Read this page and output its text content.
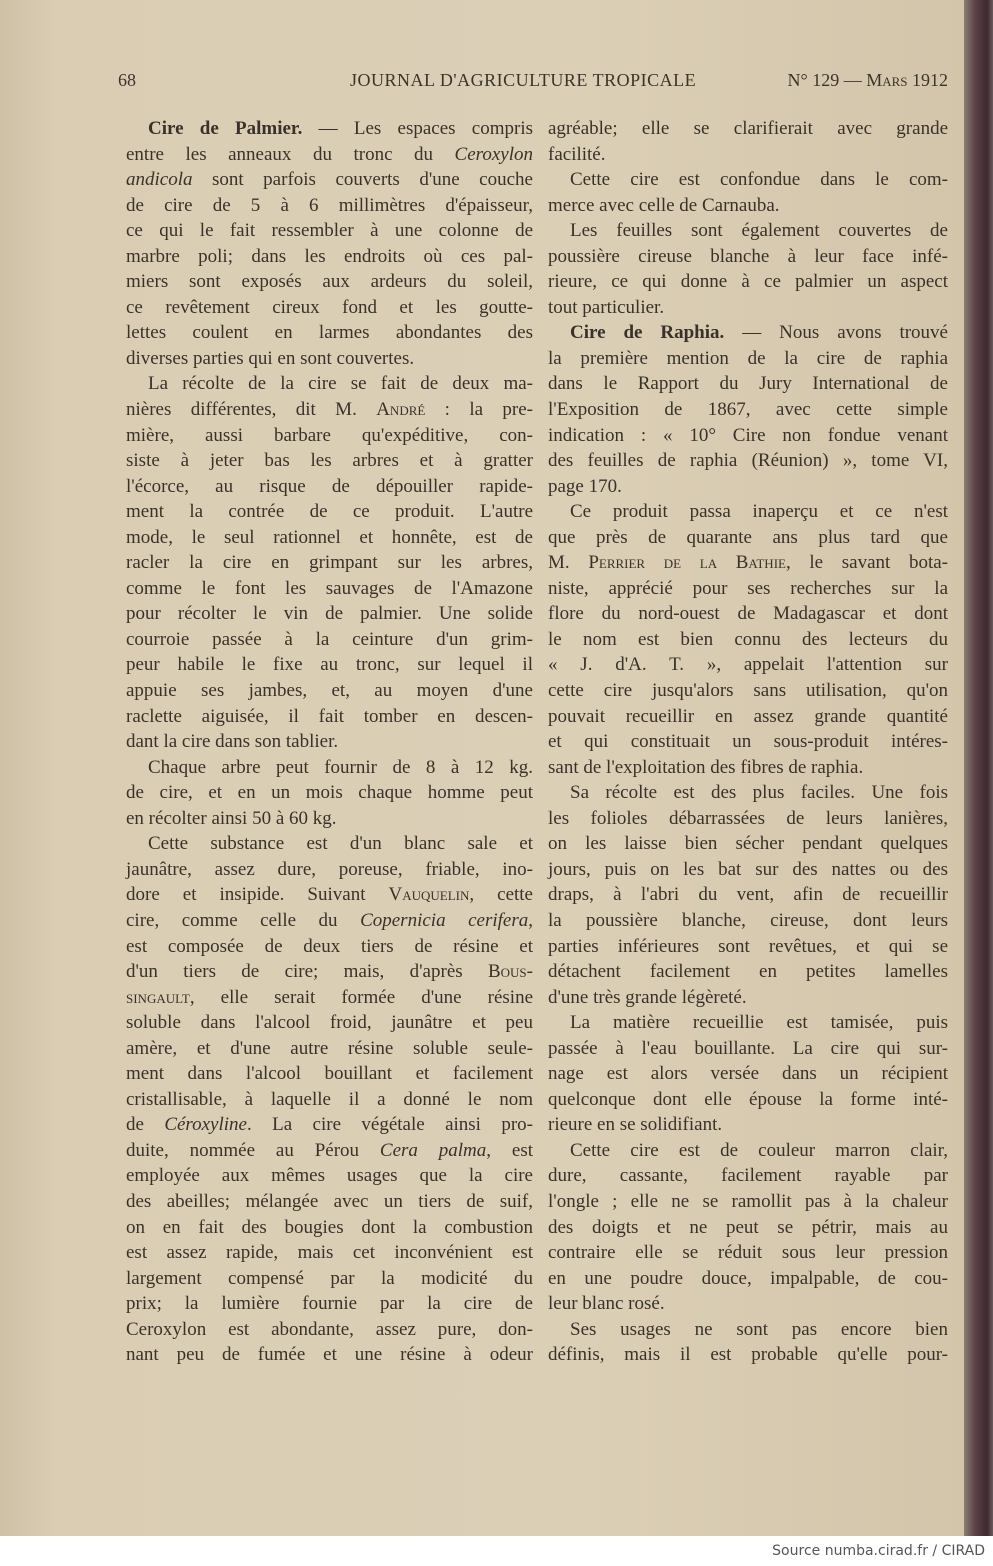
68	JOURNAL D'AGRICULTURE TROPICALE	N° 129 — Mars 1912
Cire de Palmier. — Les espaces compris
entre les anneaux du tronc du Ceroxylon
andicola sont parfois couverts d'une couche
de cire de 5 à 6 millimètres d'épaisseur,
ce qui le fait ressembler à une colonne de
marbre poli; dans les endroits où ces pal-
miers sont exposés aux ardeurs du soleil,
ce revêtement cireux fond et les goutte-
lettes coulent en larmes abondantes des
diverses parties qui en sont couvertes.
La récolte de la cire se fait de deux ma-
nières différentes, dit M. André : la pre-
mière, aussi barbare qu'expéditive, con-
siste à jeter bas les arbres et à gratter
l'écorce, au risque de dépouiller rapide-
ment la contrée de ce produit. L'autre
mode, le seul rationnel et honnête, est de
racler la cire en grimpant sur les arbres,
comme le font les sauvages de l'Amazone
pour récolter le vin de palmier. Une solide
courroie passée à la ceinture d'un grim-
peur habile le fixe au tronc, sur lequel il
appuie ses jambes, et, au moyen d'une
raclette aiguisée, il fait tomber en descen-
dant la cire dans son tablier.
Chaque arbre peut fournir de 8 à 12 kg.
de cire, et en un mois chaque homme peut
en récolter ainsi 50 à 60 kg.
Cette substance est d'un blanc sale et
jaunâtre, assez dure, poreuse, friable, ino-
dore et insipide. Suivant Vauquelin, cette
cire, comme celle du Copernicia cerifera,
est composée de deux tiers de résine et
d'un tiers de cire; mais, d'après Bous-
singault, elle serait formée d'une résine
soluble dans l'alcool froid, jaunâtre et peu
amère, et d'une autre résine soluble seule-
ment dans l'alcool bouillant et facilement
cristallisable, à laquelle il a donné le nom
de Céroxyline. La cire végétale ainsi pro-
duite, nommée au Pérou Cera palma, est
employée aux mêmes usages que la cire
des abeilles; mélangée avec un tiers de suif,
on en fait des bougies dont la combustion
est assez rapide, mais cet inconvénient est
largement compensé par la modicité du
prix; la lumière fournie par la cire de
Ceroxylon est abondante, assez pure, don-
nant peu de fumée et une résine à odeur
agréable; elle se clarifierait avec grande
facilité.
Cette cire est confondue dans le com-
merce avec celle de Carnauba.
Les feuilles sont également couvertes de
poussière cireuse blanche à leur face infé-
rieure, ce qui donne à ce palmier un aspect
tout particulier.
Cire de Raphia. — Nous avons trouvé
la première mention de la cire de raphia
dans le Rapport du Jury International de
l'Exposition de 1867, avec cette simple
indication : « 10° Cire non fondue venant
des feuilles de raphia (Réunion) », tome VI,
page 170.
Ce produit passa inaperçu et ce n'est
que près de quarante ans plus tard que
M. Perrier de la Bathie, le savant bota-
niste, apprécié pour ses recherches sur la
flore du nord-ouest de Madagascar et dont
le nom est bien connu des lecteurs du
« J. d'A. T. », appelait l'attention sur
cette cire jusqu'alors sans utilisation, qu'on
pouvait recueillir en assez grande quantité
et qui constituait un sous-produit intéres-
sant de l'exploitation des fibres de raphia.
Sa récolte est des plus faciles. Une fois
les folioles débarrassées de leurs lanières,
on les laisse bien sécher pendant quelques
jours, puis on les bat sur des nattes ou des
draps, à l'abri du vent, afin de recueillir
la poussière blanche, cireuse, dont leurs
parties inférieures sont revêtues, et qui se
détachent facilement en petites lamelles
d'une très grande légèreté.
La matière recueillie est tamisée, puis
passée à l'eau bouillante. La cire qui sur-
nage est alors versée dans un récipient
quelconque dont elle épouse la forme inté-
rieure en se solidifiant.
Cette cire est de couleur marron clair,
dure, cassante, facilement rayable par
l'ongle ; elle ne se ramollit pas à la chaleur
des doigts et ne peut se pétrir, mais au
contraire elle se réduit sous leur pression
en une poudre douce, impalpable, de cou-
leur blanc rosé.
Ses usages ne sont pas encore bien
définis, mais il est probable qu'elle pour-
Source numba.cirad.fr / CIRAD
